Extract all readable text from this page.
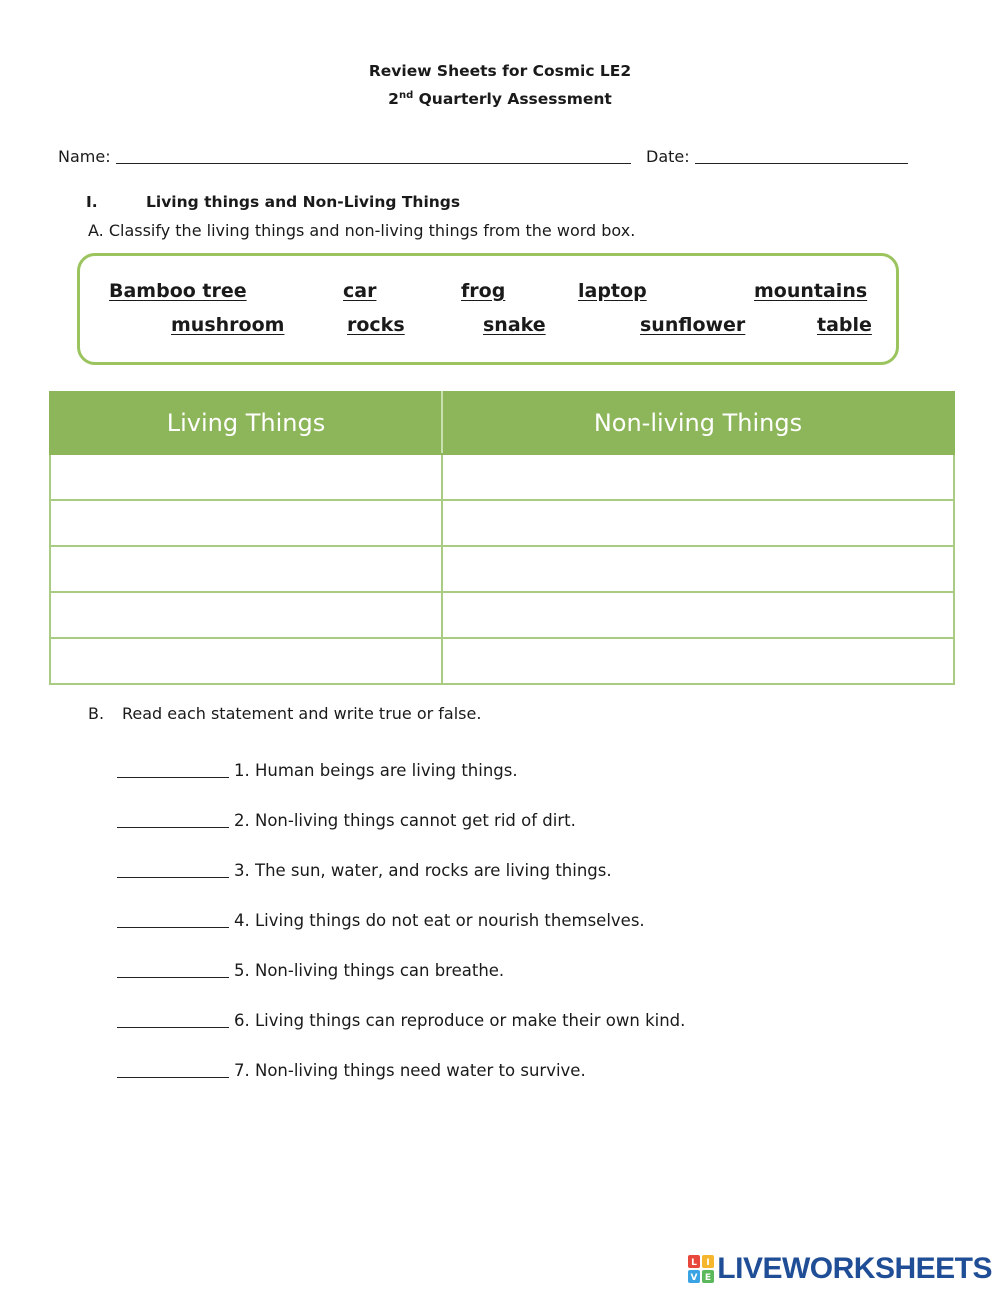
Review Sheets for Cosmic LE2
2nd Quarterly Assessment
Name:	Date:
I.	Living things and Non-Living Things
A. Classify the living things and non-living things from the word box.
Bamboo tree	car	frog	laptop	mountains
mushroom	rocks	snake	sunflower	table
Living Things	Non-living Things

B. Read each statement and write true or false.
1. Human beings are living things.
2. Non-living things cannot get rid of dirt.
3. The sun, water, and rocks are living things.
4. Living things do not eat or nourish themselves.
5. Non-living things can breathe.
6. Living things can reproduce or make their own kind.
7. Non-living things need water to survive.
L I
V E LIVEWORKSHEETS
